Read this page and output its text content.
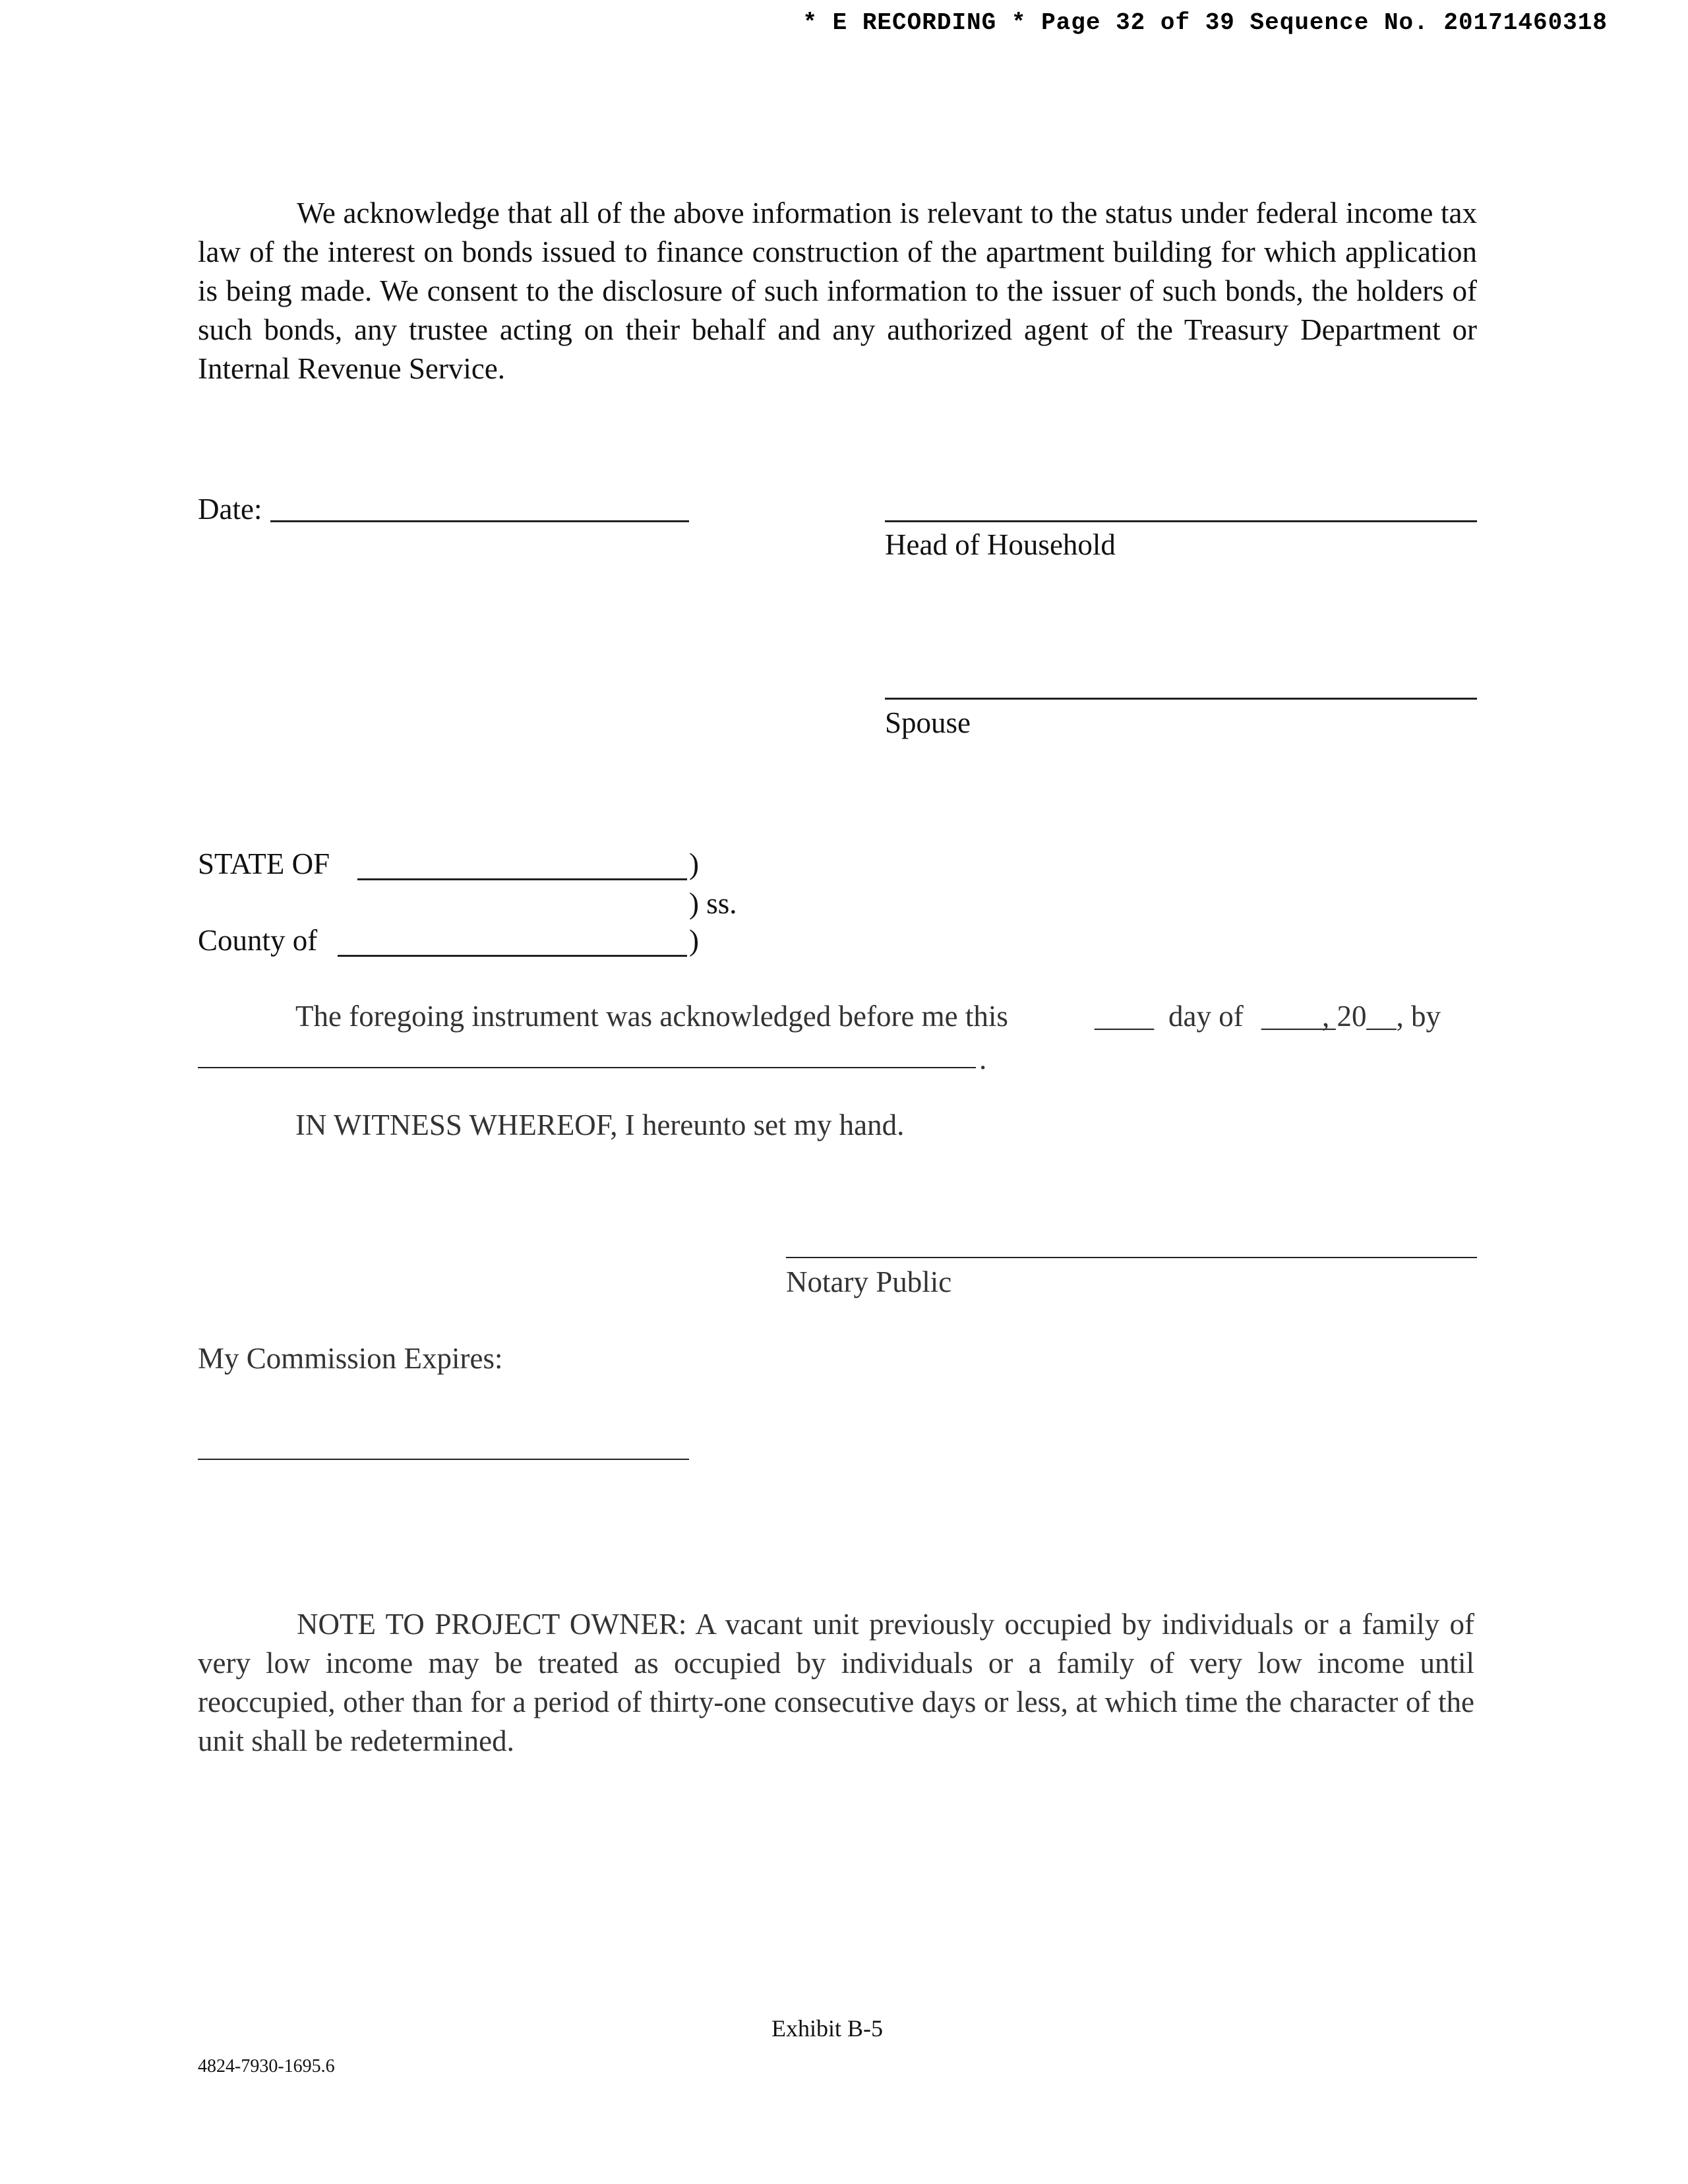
* E RECORDING * Page 32 of 39 Sequence No. 20171460318
We acknowledge that all of the above information is relevant to the status under federal income tax law of the interest on bonds issued to finance construction of the apartment building for which application is being made. We consent to the disclosure of such information to the issuer of such bonds, the holders of such bonds, any trustee acting on their behalf and any authorized agent of the Treasury Department or Internal Revenue Service.
Date:
Head of Household
Spouse
STATE OF	)
) ss.
County of	)
The foregoing instrument was acknowledged before me this	____ day of _____
, 20__, by
.
IN WITNESS WHEREOF, I hereunto set my hand.
Notary Public
My Commission Expires:
NOTE TO PROJECT OWNER: A vacant unit previously occupied by individuals or a family of very low income may be treated as occupied by individuals or a family of very low income until reoccupied, other than for a period of thirty-one consecutive days or less, at which time the character of the unit shall be redetermined.
Exhibit B-5
4824-7930-1695.6
